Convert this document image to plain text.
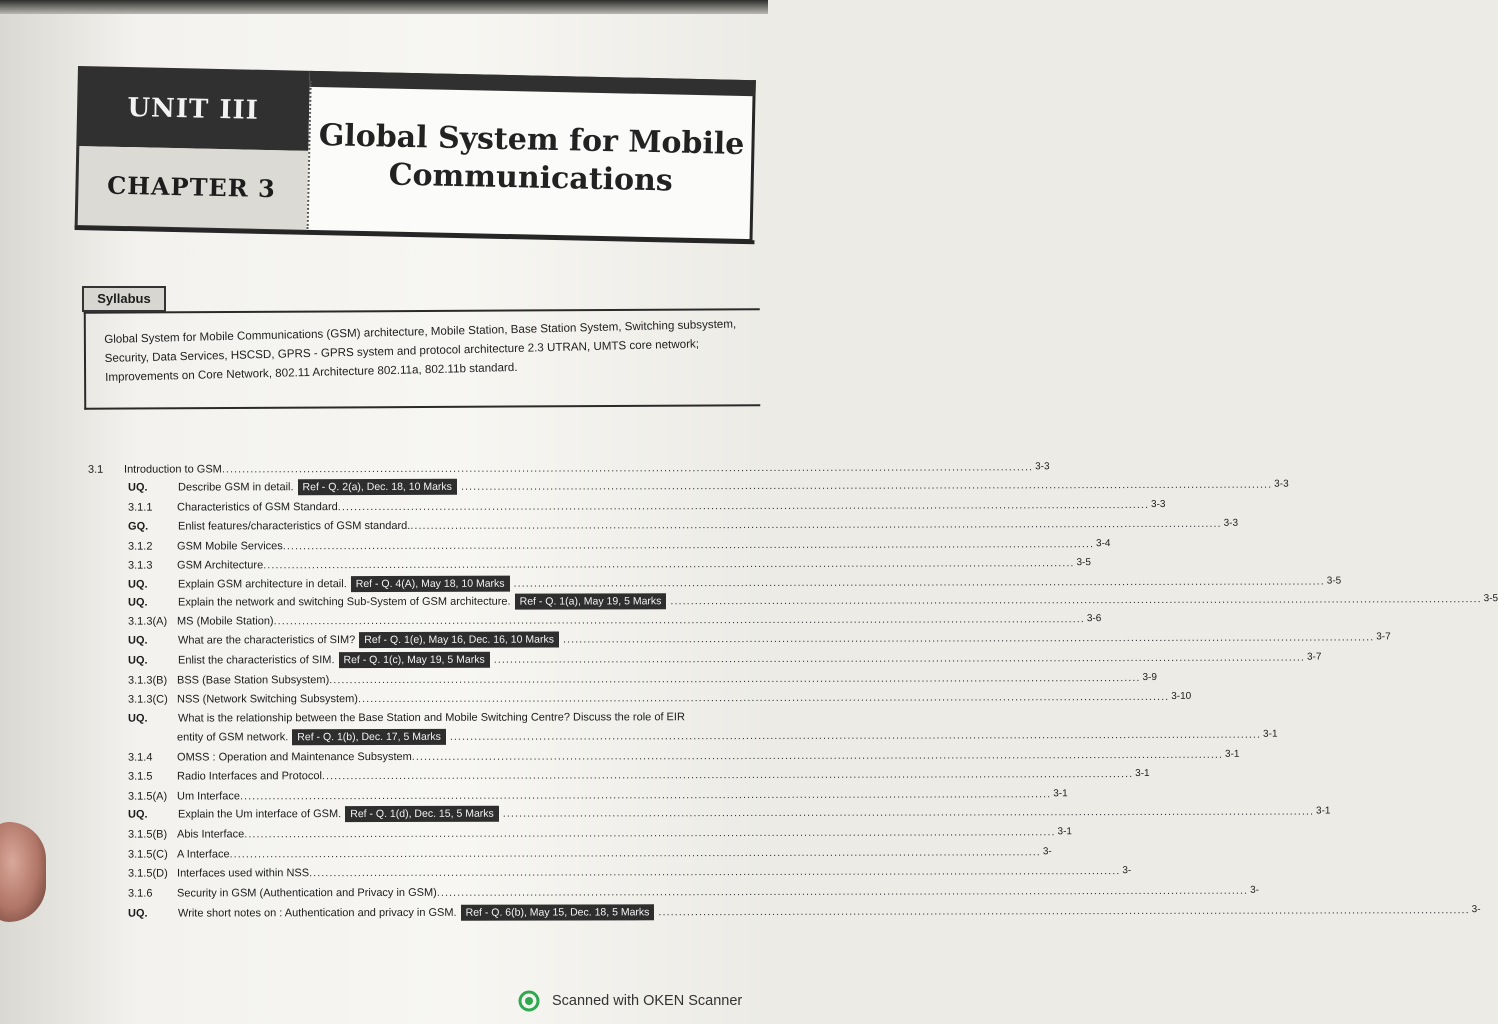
UNIT III
CHAPTER 3
Global System for Mobile
Communications
Syllabus
Global System for Mobile Communications (GSM) architecture, Mobile Station, Base Station System, Switching subsystem, Security, Data Services, HSCSD, GPRS - GPRS system and protocol architecture 2.3 UTRAN, UMTS core network; Improvements on Core Network, 802.11 Architecture 802.11a, 802.11b standard.
3.1 Introduction to GSM ........................................................................................................................................................................................................ 3-3
UQ.	Describe GSM in detail. Ref - Q. 2(a), Dec. 18, 10 Marks ........................................................................................................................................................................................................ 3-3
3.1.1 Characteristics of GSM Standard ........................................................................................................................................................................................................ 3-3
GQ.	Enlist features/characteristics of GSM standard. ........................................................................................................................................................................................................ 3-3
3.1.2 GSM Mobile Services ........................................................................................................................................................................................................ 3-4
3.1.3 GSM Architecture ........................................................................................................................................................................................................ 3-5
UQ.	Explain GSM architecture in detail. Ref - Q. 4(A), May 18, 10 Marks ........................................................................................................................................................................................................ 3-5
UQ.	Explain the network and switching Sub-System of GSM architecture. Ref - Q. 1(a), May 19, 5 Marks ........................................................................................................................................................................................................ 3-5
3.1.3(A) MS (Mobile Station) ........................................................................................................................................................................................................ 3-6
UQ.	What are the characteristics of SIM? Ref - Q. 1(e), May 16, Dec. 16, 10 Marks ........................................................................................................................................................................................................ 3-7
UQ.	Enlist the characteristics of SIM. Ref - Q. 1(c), May 19, 5 Marks ........................................................................................................................................................................................................ 3-7
3.1.3(B) BSS (Base Station Subsystem) ........................................................................................................................................................................................................ 3-9
3.1.3(C) NSS (Network Switching Subsystem) ........................................................................................................................................................................................................ 3-10
UQ.	What is the relationship between the Base Station and Mobile Switching Centre? Discuss the role of EIR
entity of GSM network. Ref - Q. 1(b), Dec. 17, 5 Marks ........................................................................................................................................................................................................ 3-1
3.1.4 OMSS : Operation and Maintenance Subsystem ........................................................................................................................................................................................................ 3-1
3.1.5 Radio Interfaces and Protocol ........................................................................................................................................................................................................ 3-1
3.1.5(A) Um Interface ........................................................................................................................................................................................................ 3-1
UQ.	Explain the Um interface of GSM. Ref - Q. 1(d), Dec. 15, 5 Marks ........................................................................................................................................................................................................ 3-1
3.1.5(B) Abis Interface ........................................................................................................................................................................................................ 3-1
3.1.5(C) A Interface ........................................................................................................................................................................................................ 3-
3.1.5(D) Interfaces used within NSS ........................................................................................................................................................................................................ 3-
3.1.6 Security in GSM (Authentication and Privacy in GSM) ........................................................................................................................................................................................................ 3-
UQ.	Write short notes on : Authentication and privacy in GSM. Ref - Q. 6(b), May 15, Dec. 18, 5 Marks ........................................................................................................................................................................................................ 3-
Scanned with OKEN Scanner
